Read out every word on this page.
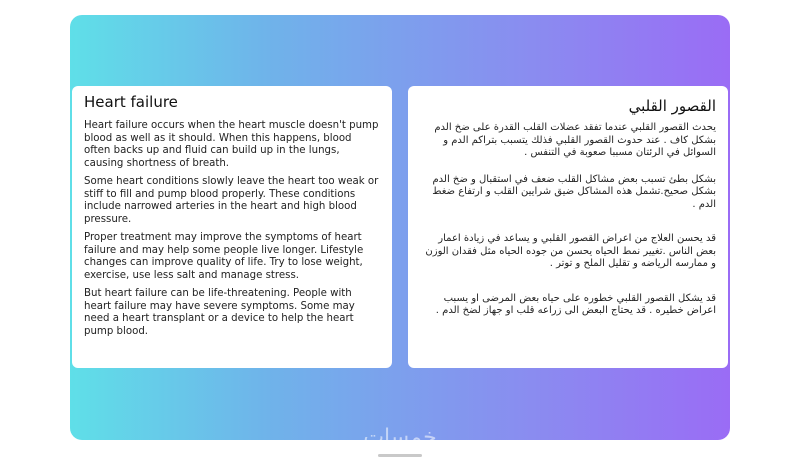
Heart failure

Heart failure occurs when the heart muscle doesn't pump blood as well as it should. When this happens, blood often backs up and fluid can build up in the lungs, causing shortness of breath.

Some heart conditions slowly leave the heart too weak or stiff to fill and pump blood properly. These conditions include narrowed arteries in the heart and high blood pressure.

Proper treatment may improve the symptoms of heart failure and may help some people live longer. Lifestyle changes can improve quality of life. Try to lose weight, exercise, use less salt and manage stress.

But heart failure can be life-threatening. People with heart failure may have severe symptoms. Some may need a heart transplant or a device to help the heart pump blood.

القصور القلبي

يحدث القصور القلبي عندما تفقد عضلات القلب القدرة على ضخ الدم بشكل كاف . عند حدوث القصور القلبي فذلك يتسبب بتراكم الدم و السوائل في الرئتان مسببا صعوبة في التنفس .

بشكل بطئ تسبب بعض مشاكل القلب ضعف في استقبال و ضخ الدم بشكل صحيح.تشمل هذه المشاكل ضيق شرايين القلب و ارتفاع ضغط الدم .

قد يحسن العلاج من اعراض القصور القلبي و يساعد في زيادة اعمار بعض الناس .تغيير نمط الحياه يحسن من جوده الحياه مثل فقدان الوزن و ممارسه الرياضه و تقليل الملح و توتر .

قد يشكل القصور القلبي خطوره على حياه بعض المرضى او يسبب اعراض خطيره . قد يحتاج البعض الى زراعه قلب او جهاز لضخ الدم .

خمسات
